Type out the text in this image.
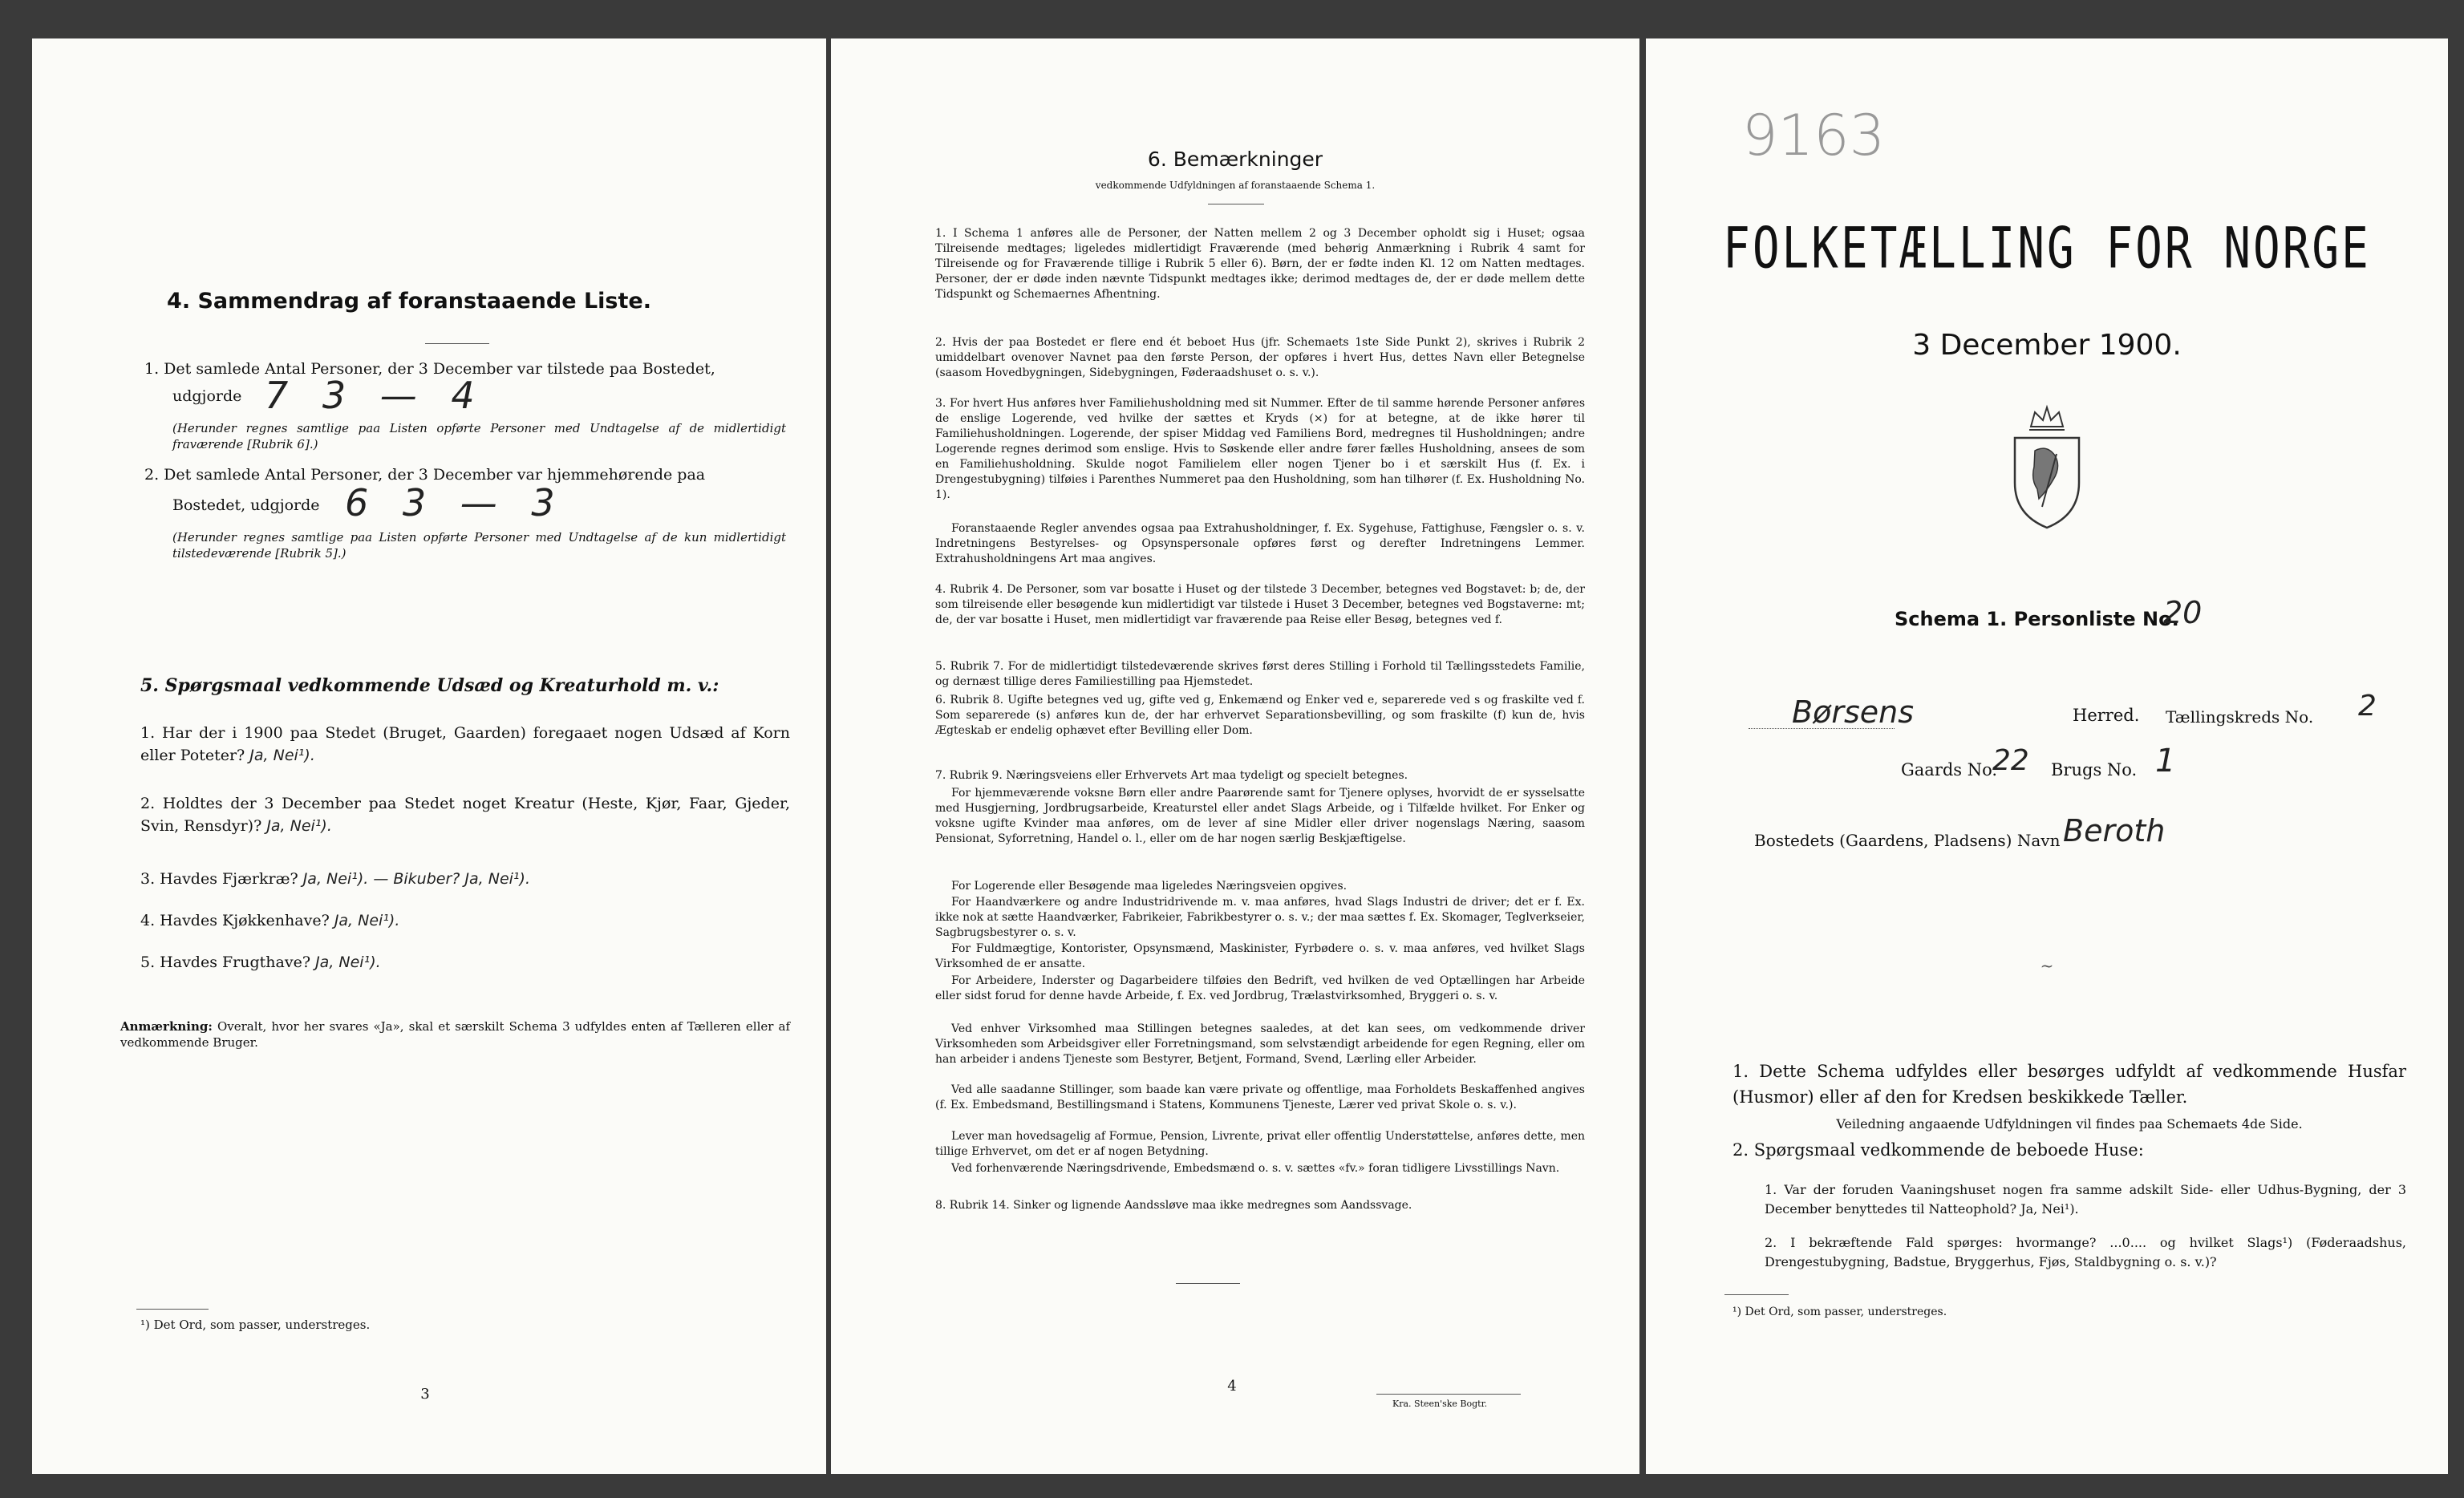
4. Sammendrag af foranstaaende Liste.
1. Det samlede Antal Personer, der 3 December var tilstede paa Bostedet,
udgjorde 7 3 — 4
(Herunder regnes samtlige paa Listen opførte Personer med Undtagelse af de midlertidigt fraværende [Rubrik 6].)
2. Det samlede Antal Personer, der 3 December var hjemmehørende paa
Bostedet, udgjorde 6 3 — 3
(Herunder regnes samtlige paa Listen opførte Personer med Undtagelse af de kun midlertidigt tilstedeværende [Rubrik 5].)
5. Spørgsmaal vedkommende Udsæd og Kreaturhold m. v.:
1. Har der i 1900 paa Stedet (Bruget, Gaarden) foregaaet nogen Udsæd af Korn eller Poteter? Ja, Nei¹).
2. Holdtes der 3 December paa Stedet noget Kreatur (Heste, Kjør, Faar, Gjeder, Svin, Rensdyr)? Ja, Nei¹).
3. Havdes Fjærkræ? Ja, Nei¹). — Bikuber? Ja, Nei¹).
4. Havdes Kjøkkenhave? Ja, Nei¹).
5. Havdes Frugthave? Ja, Nei¹).
Anmærkning: Overalt, hvor her svares «Ja», skal et særskilt Schema 3 udfyldes enten af Tælleren eller af vedkommende Bruger.
¹) Det Ord, som passer, understreges.
3
6. Bemærkninger
vedkommende Udfyldningen af foranstaaende Schema 1.
1. I Schema 1 anføres alle de Personer, der Natten mellem 2 og 3 December opholdt sig i Huset; ogsaa Tilreisende medtages; ligeledes midlertidigt Fraværende (med behørig Anmærkning i Rubrik 4 samt for Tilreisende og for Fraværende tillige i Rubrik 5 eller 6). Børn, der er fødte inden Kl. 12 om Natten medtages. Personer, der er døde inden nævnte Tidspunkt medtages ikke; derimod medtages de, der er døde mellem dette Tidspunkt og Schemaernes Afhentning.
2. Hvis der paa Bostedet er flere end ét beboet Hus (jfr. Schemaets 1ste Side Punkt 2), skrives i Rubrik 2 umiddelbart ovenover Navnet paa den første Person, der opføres i hvert Hus, dettes Navn eller Betegnelse (saasom Hovedbygningen, Sidebygningen, Føderaadshuset o. s. v.).
3. For hvert Hus anføres hver Familiehusholdning med sit Nummer. Efter de til samme hørende Personer anføres de enslige Logerende, ved hvilke der sættes et Kryds (×) for at betegne, at de ikke hører til Familiehusholdningen. Logerende, der spiser Middag ved Familiens Bord, medregnes til Husholdningen; andre Logerende regnes derimod som enslige. Hvis to Søskende eller andre fører fælles Husholdning, ansees de som en Familiehusholdning. Skulde nogot Familielem eller nogen Tjener bo i et særskilt Hus (f. Ex. i Drengestubygning) tilføies i Parenthes Nummeret paa den Husholdning, som han tilhører (f. Ex. Husholdning No. 1).
Foranstaaende Regler anvendes ogsaa paa Extrahusholdninger, f. Ex. Sygehuse, Fattighuse, Fængsler o. s. v. Indretningens Bestyrelses- og Opsynspersonale opføres først og derefter Indretningens Lemmer. Extrahusholdningens Art maa angives.
4. Rubrik 4. De Personer, som var bosatte i Huset og der tilstede 3 December, betegnes ved Bogstavet: b; de, der som tilreisende eller besøgende kun midlertidigt var tilstede i Huset 3 December, betegnes ved Bogstaverne: mt; de, der var bosatte i Huset, men midlertidigt var fraværende paa Reise eller Besøg, betegnes ved f.
5. Rubrik 7. For de midlertidigt tilstedeværende skrives først deres Stilling i Forhold til Tællingsstedets Familie, og dernæst tillige deres Familiestilling paa Hjemstedet.
6. Rubrik 8. Ugifte betegnes ved ug, gifte ved g, Enkemænd og Enker ved e, separerede ved s og fraskilte ved f. Som separerede (s) anføres kun de, der har erhvervet Separationsbevilling, og som fraskilte (f) kun de, hvis Ægteskab er endelig ophævet efter Bevilling eller Dom.
7. Rubrik 9. Næringsveiens eller Erhvervets Art maa tydeligt og specielt betegnes.
For hjemmeværende voksne Børn eller andre Paarørende samt for Tjenere oplyses, hvorvidt de er sysselsatte med Husgjerning, Jordbrugsarbeide, Kreaturstel eller andet Slags Arbeide, og i Tilfælde hvilket. For Enker og voksne ugifte Kvinder maa anføres, om de lever af sine Midler eller driver nogenslags Næring, saasom Pensionat, Syforretning, Handel o. l., eller om de har nogen særlig Beskjæftigelse.
For Logerende eller Besøgende maa ligeledes Næringsveien opgives.
For Haandværkere og andre Industridrivende m. v. maa anføres, hvad Slags Industri de driver; det er f. Ex. ikke nok at sætte Haandværker, Fabrikeier, Fabrikbestyrer o. s. v.; der maa sættes f. Ex. Skomager, Teglverkseier, Sagbrugsbestyrer o. s. v.
For Fuldmægtige, Kontorister, Opsynsmænd, Maskinister, Fyrbødere o. s. v. maa anføres, ved hvilket Slags Virksomhed de er ansatte.
For Arbeidere, Inderster og Dagarbeidere tilføies den Bedrift, ved hvilken de ved Optællingen har Arbeide eller sidst forud for denne havde Arbeide, f. Ex. ved Jordbrug, Trælastvirksomhed, Bryggeri o. s. v.
Ved enhver Virksomhed maa Stillingen betegnes saaledes, at det kan sees, om vedkommende driver Virksomheden som Arbeidsgiver eller Forretningsmand, som selvstændigt arbeidende for egen Regning, eller om han arbeider i andens Tjeneste som Bestyrer, Betjent, Formand, Svend, Lærling eller Arbeider.
Ved alle saadanne Stillinger, som baade kan være private og offentlige, maa Forholdets Beskaffenhed angives (f. Ex. Embedsmand, Bestillingsmand i Statens, Kommunens Tjeneste, Lærer ved privat Skole o. s. v.).
Lever man hovedsagelig af Formue, Pension, Livrente, privat eller offentlig Understøttelse, anføres dette, men tillige Erhvervet, om det er af nogen Betydning.
Ved forhenværende Næringsdrivende, Embedsmænd o. s. v. sættes «fv.» foran tidligere Livsstillings Navn.
8. Rubrik 14. Sinker og lignende Aandssløve maa ikke medregnes som Aandssvage.
4
Kra. Steen'ske Bogtr.
9163
FOLKETÆLLING FOR NORGE
3 December 1900.
Schema 1. Personliste No.
20
Børsens	Herred. Tællingskreds No. 2
Gaards No.
22 Brugs No. 1
Bostedets (Gaardens, Pladsens) Navn Beroth
~
1. Dette Schema udfyldes eller besørges udfyldt af vedkommende Husfar (Husmor) eller af den for Kredsen beskikkede Tæller.
Veiledning angaaende Udfyldningen vil findes paa Schemaets 4de Side.
2. Spørgsmaal vedkommende de beboede Huse:
1. Var der foruden Vaaningshuset nogen fra samme adskilt Side- eller Udhus-Bygning, der 3 December benyttedes til Natteophold? Ja, Nei¹).
2. I bekræftende Fald spørges: hvormange? ...0.... og hvilket Slags¹) (Føderaadshus, Drengestubygning, Badstue, Bryggerhus, Fjøs, Staldbygning o. s. v.)?
¹) Det Ord, som passer, understreges.
